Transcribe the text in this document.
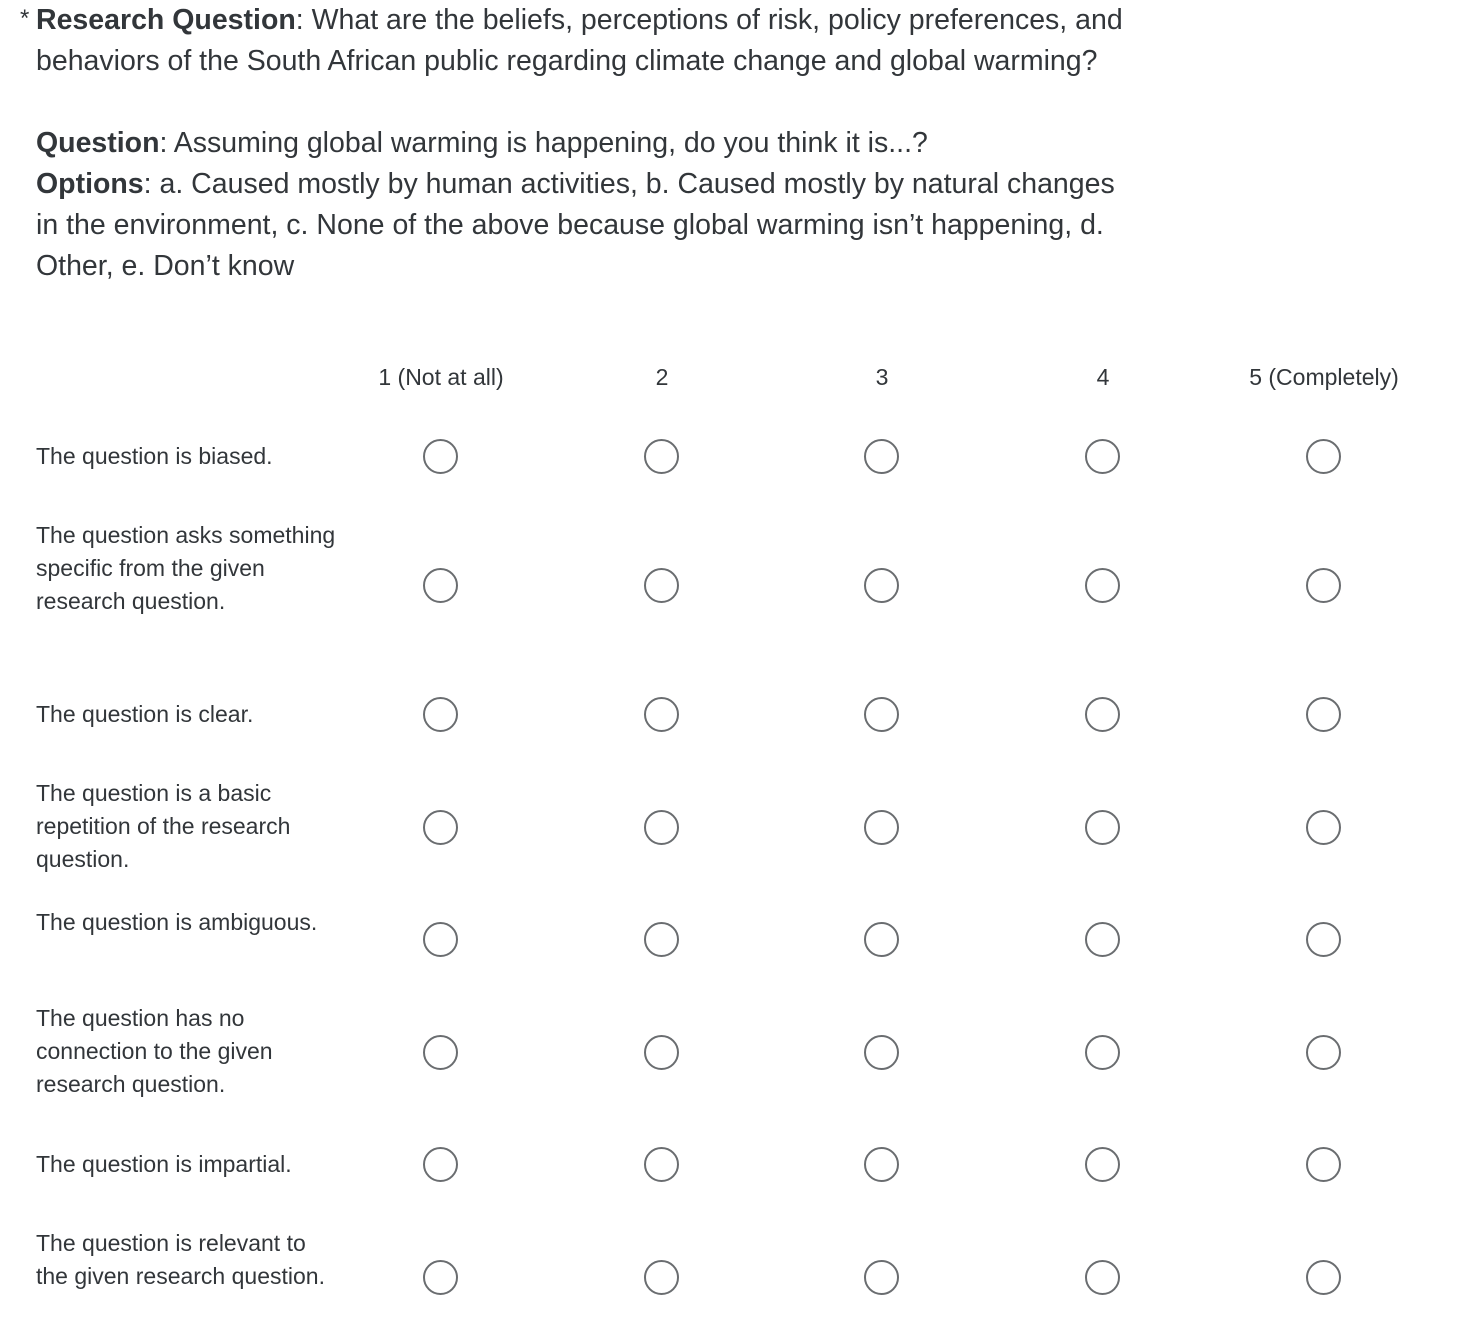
* Research Question: What are the beliefs, perceptions of risk, policy preferences, and behaviors of the South African public regarding climate change and global warming?

Question: Assuming global warming is happening, do you think it is...?
Options: a. Caused mostly by human activities, b. Caused mostly by natural changes in the environment, c. None of the above because global warming isn’t happening, d. Other, e. Don’t know

1 (Not at all)	2	3	4	5 (Completely)
The question is biased.
The question asks something specific from the given research question.
The question is clear.
The question is a basic repetition of the research question.
The question is ambiguous.
The question has no connection to the given research question.
The question is impartial.
The question is relevant to the given research question.
